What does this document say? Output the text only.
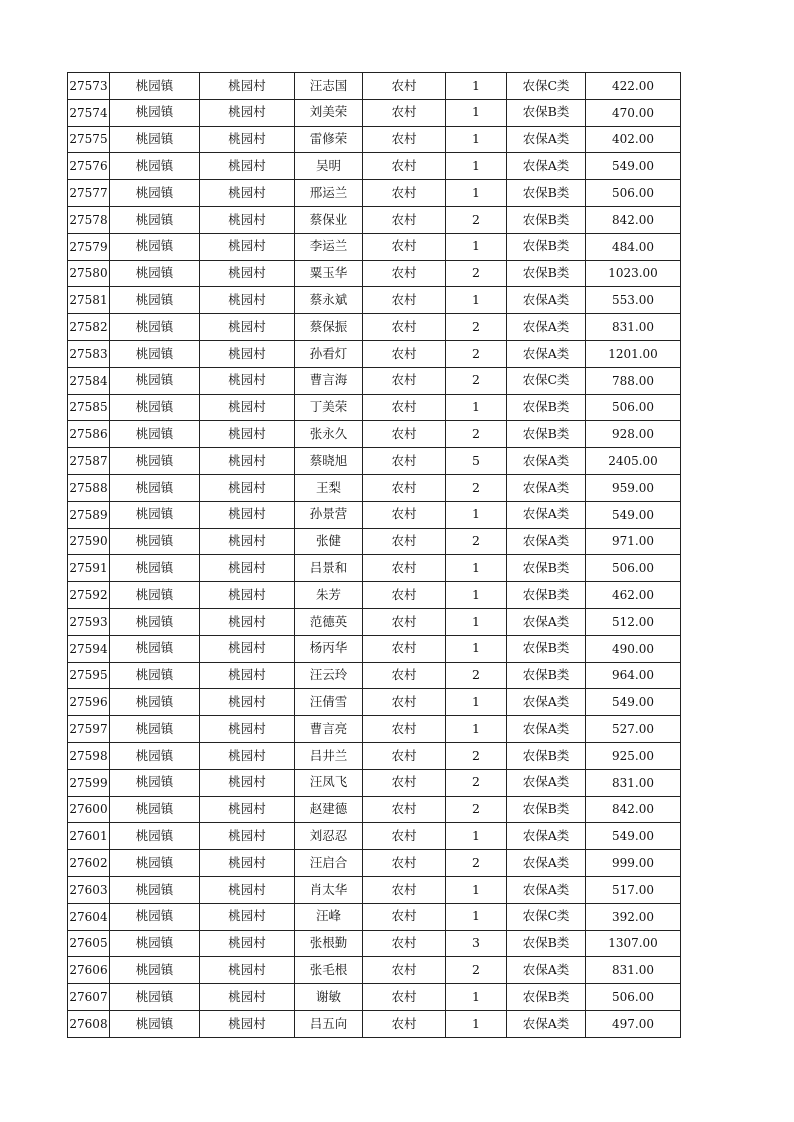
27573	桃园镇	桃园村	汪志国	农村	1	农保C类	422.00
27574	桃园镇	桃园村	刘美荣	农村	1	农保B类	470.00
27575	桃园镇	桃园村	雷修荣	农村	1	农保A类	402.00
27576	桃园镇	桃园村	吴明	农村	1	农保A类	549.00
27577	桃园镇	桃园村	邢运兰	农村	1	农保B类	506.00
27578	桃园镇	桃园村	蔡保业	农村	2	农保B类	842.00
27579	桃园镇	桃园村	李运兰	农村	1	农保B类	484.00
27580	桃园镇	桃园村	粟玉华	农村	2	农保B类	1023.00
27581	桃园镇	桃园村	蔡永斌	农村	1	农保A类	553.00
27582	桃园镇	桃园村	蔡保振	农村	2	农保A类	831.00
27583	桃园镇	桃园村	孙看灯	农村	2	农保A类	1201.00
27584	桃园镇	桃园村	曹言海	农村	2	农保C类	788.00
27585	桃园镇	桃园村	丁美荣	农村	1	农保B类	506.00
27586	桃园镇	桃园村	张永久	农村	2	农保B类	928.00
27587	桃园镇	桃园村	蔡晓旭	农村	5	农保A类	2405.00
27588	桃园镇	桃园村	王梨	农村	2	农保A类	959.00
27589	桃园镇	桃园村	孙景营	农村	1	农保A类	549.00
27590	桃园镇	桃园村	张健	农村	2	农保A类	971.00
27591	桃园镇	桃园村	吕景和	农村	1	农保B类	506.00
27592	桃园镇	桃园村	朱芳	农村	1	农保B类	462.00
27593	桃园镇	桃园村	范德英	农村	1	农保A类	512.00
27594	桃园镇	桃园村	杨丙华	农村	1	农保B类	490.00
27595	桃园镇	桃园村	汪云玲	农村	2	农保B类	964.00
27596	桃园镇	桃园村	汪倩雪	农村	1	农保A类	549.00
27597	桃园镇	桃园村	曹言亮	农村	1	农保A类	527.00
27598	桃园镇	桃园村	吕井兰	农村	2	农保B类	925.00
27599	桃园镇	桃园村	汪凤飞	农村	2	农保A类	831.00
27600	桃园镇	桃园村	赵建德	农村	2	农保B类	842.00
27601	桃园镇	桃园村	刘忍忍	农村	1	农保A类	549.00
27602	桃园镇	桃园村	汪启合	农村	2	农保A类	999.00
27603	桃园镇	桃园村	肖太华	农村	1	农保A类	517.00
27604	桃园镇	桃园村	汪峰	农村	1	农保C类	392.00
27605	桃园镇	桃园村	张根勤	农村	3	农保B类	1307.00
27606	桃园镇	桃园村	张毛根	农村	2	农保A类	831.00
27607	桃园镇	桃园村	谢敏	农村	1	农保B类	506.00
27608	桃园镇	桃园村	吕五向	农村	1	农保A类	497.00
